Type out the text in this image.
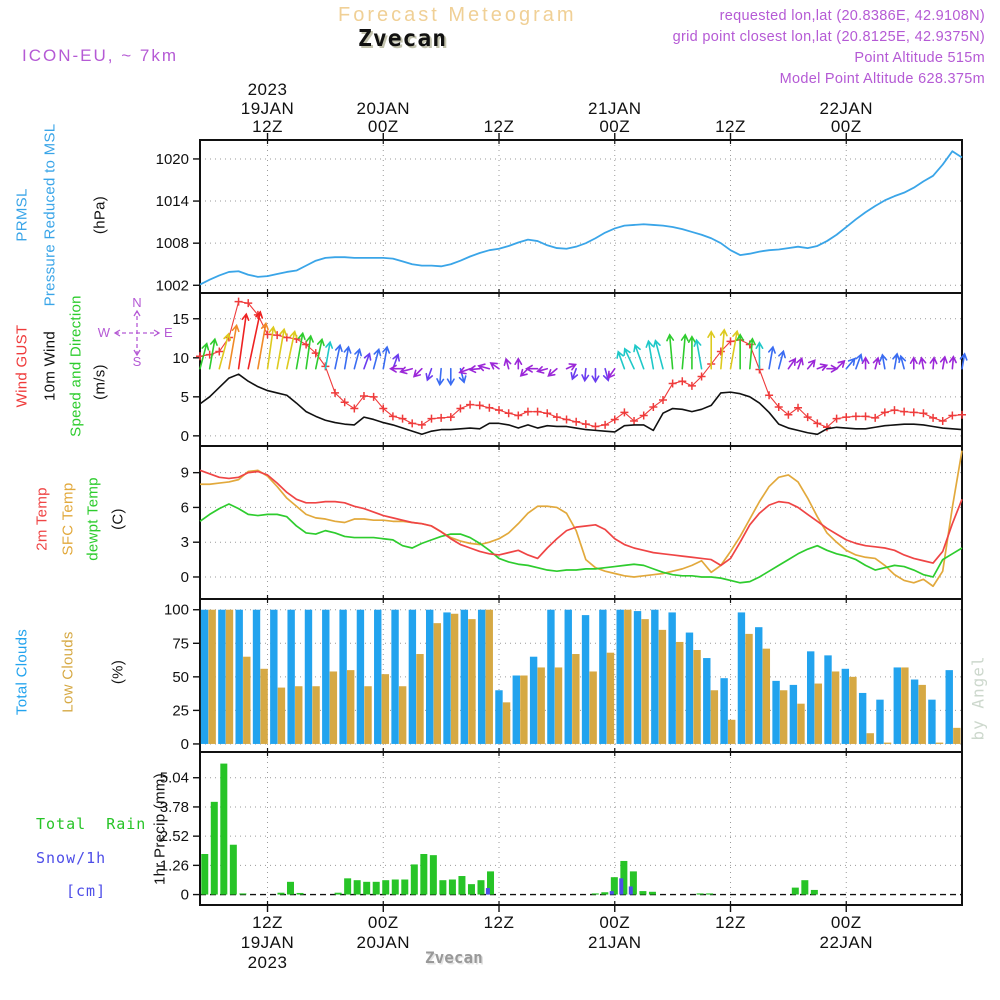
Forecast Meteogram
Zvecan
requested lon,lat (20.8386E, 42.9108N)
grid point closest lon,lat (20.8125E, 42.9375N)
Point Altitude 515m
Model Point Altitude 628.375m
ICON-EU, ~ 7km
PRMSL Pressure Reduced to MSL (hPa)
Wind GUST 10m Wind Speed and Direction (m/s)
N
S
E
W
2m Temp SFC Temp dewpt Temp (C)
Total Clouds Low Clouds (%)
Total  Rain
Snow/1h
[cm]
1hr Precip (mm)
1002
1008
1014
1020
0
5
10
15
0
3
6
9
0
25
50
75
100
0
1.26
2.52
3.78
5.04
2023
19JAN
12Z
20JAN
00Z	12Z
21JAN
00Z	12Z
22JAN
00Z
12Z
19JAN
2023
00Z
20JAN
12Z	00Z
21JAN
12Z	00Z
22JAN
Zvecan
by Angel
